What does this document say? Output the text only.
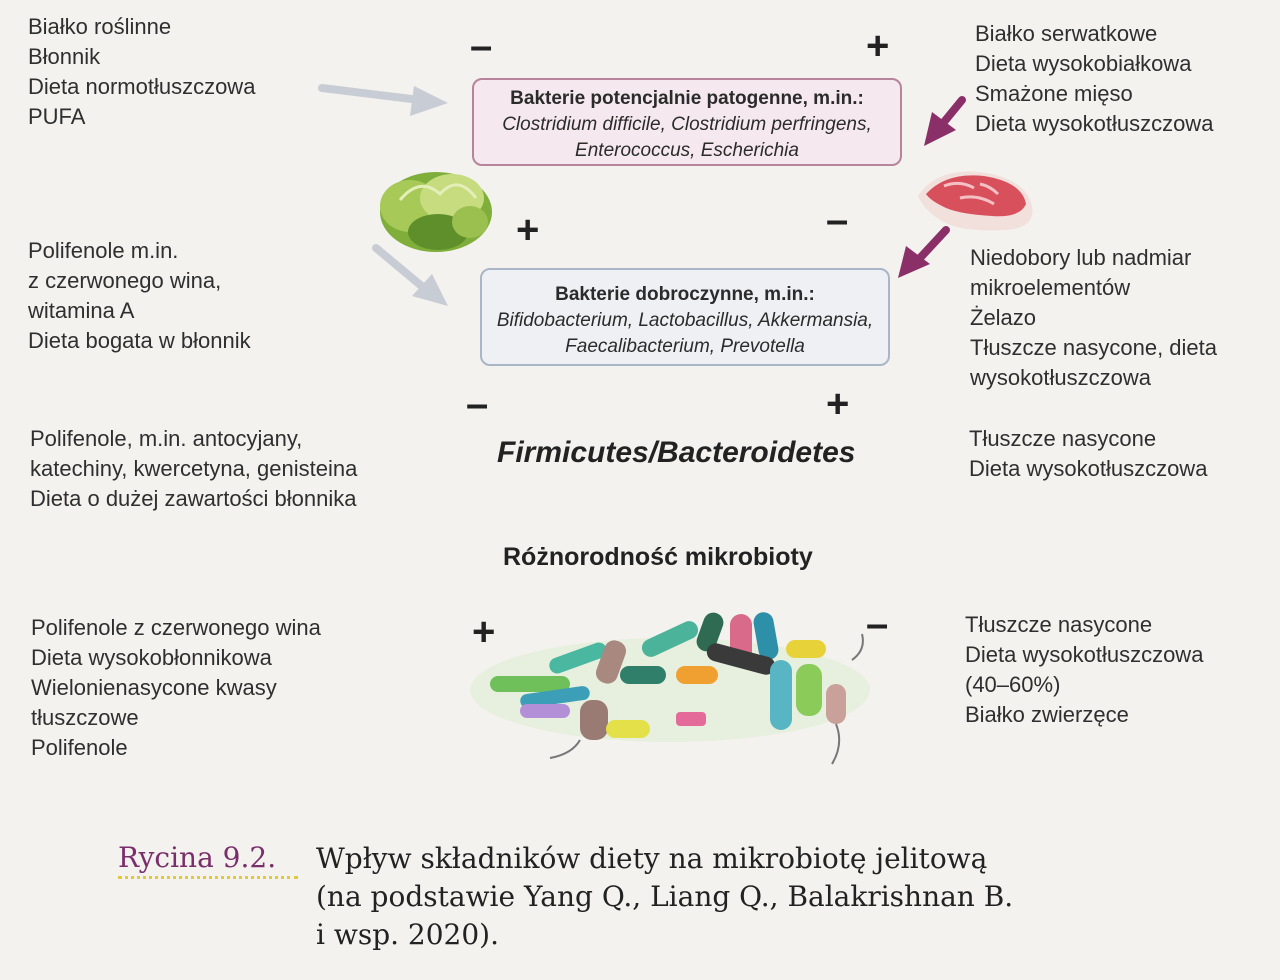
Białko roślinne
Błonnik
Dieta normotłuszczowa
PUFA
Białko serwatkowe
Dieta wysokobiałkowa
Smażone mięso
Dieta wysokotłuszczowa
–	+
Bakterie potencjalnie patogenne, m.in.:
Clostridium difficile, Clostridium perfringens,
Enterococcus, Escherichia
Polifenole m.in.
z czerwonego wina,
witamina A
Dieta bogata w błonnik
Niedobory lub nadmiar
mikroelementów
Żelazo
Tłuszcze nasycone, dieta
wysokotłuszczowa
+	–
Bakterie dobroczynne, m.in.:
Bifidobacterium, Lactobacillus, Akkermansia,
Faecalibacterium, Prevotella
–	+
Polifenole, m.in. antocyjany,
katechiny, kwercetyna, genisteina
Dieta o dużej zawartości błonnika
Firmicutes/Bacteroidetes	Tłuszcze nasycone
Dieta wysokotłuszczowa
Różnorodność mikrobioty
Polifenole z czerwonego wina
Dieta wysokobłonnikowa
Wielonienasycone kwasy
tłuszczowe
Polifenole
+	–	Tłuszcze nasycone
Dieta wysokotłuszczowa
(40–60%)
Białko zwierzęce
Rycina 9.2. Wpływ składników diety na mikrobiotę jelitową
(na podstawie Yang Q., Liang Q., Balakrishnan B.
i wsp. 2020).
